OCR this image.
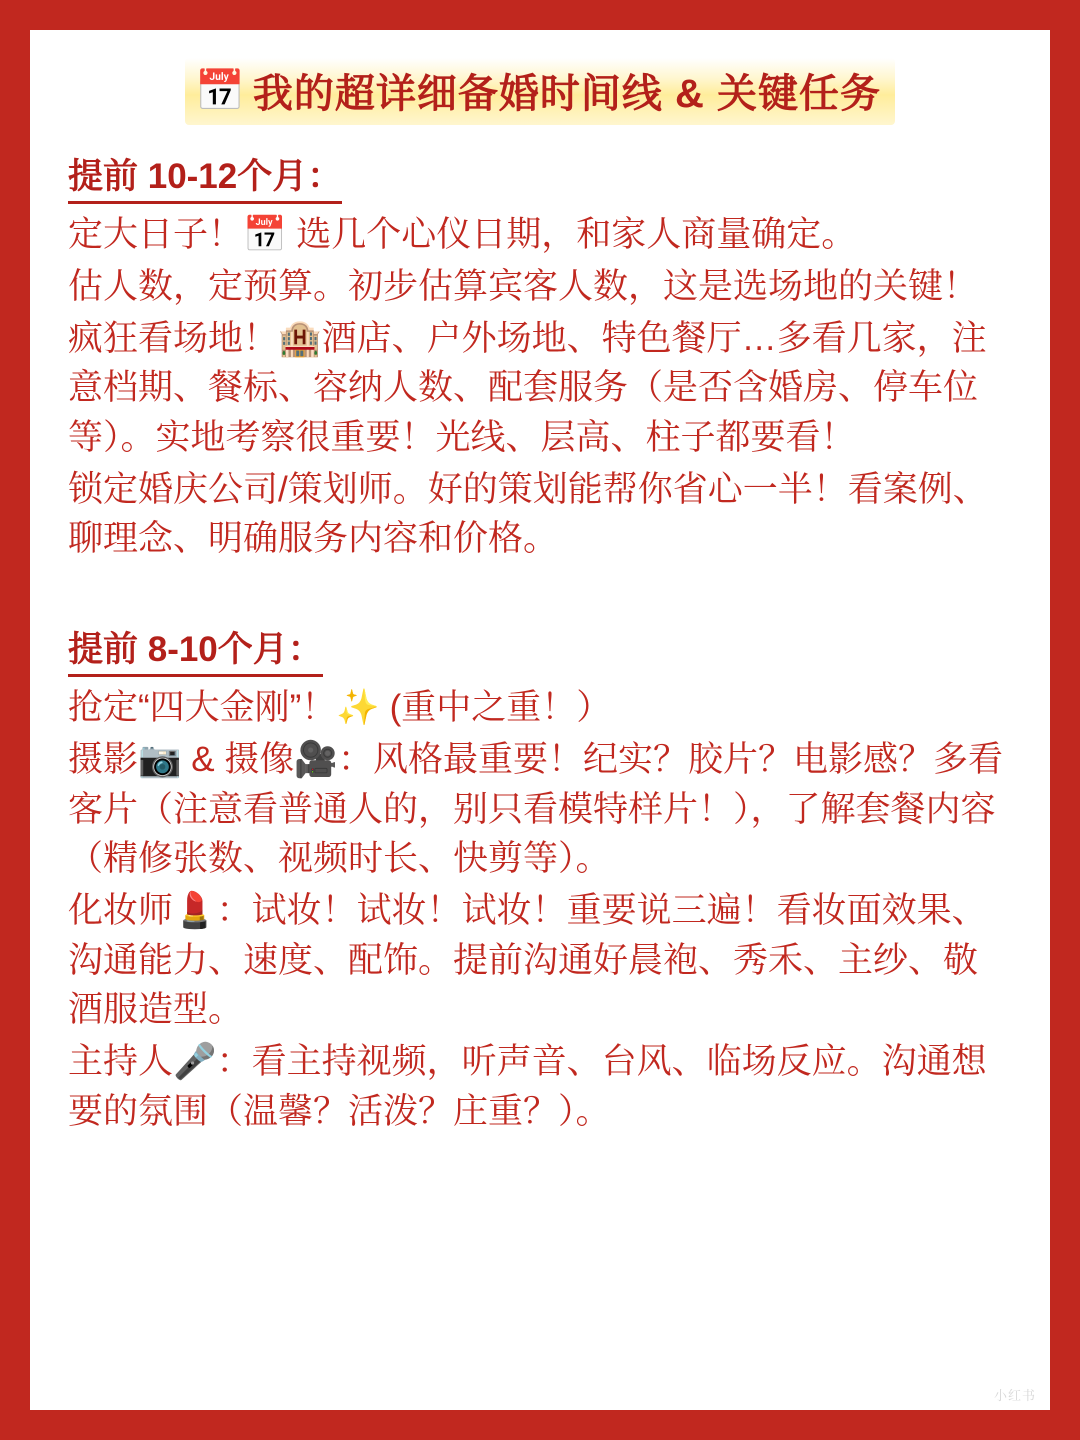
📅 我的超详细备婚时间线 & 关键任务
提前 10-12个月：

定大日子！📅 选几个心仪日期，和家人商量确定。

估人数，定预算。初步估算宾客人数，这是选场地的关键！

疯狂看场地！🏨酒店、户外场地、特色餐厅…多看几家，注意档期、餐标、容纳人数、配套服务（是否含婚房、停车位等）。实地考察很重要！光线、层高、柱子都要看！

锁定婚庆公司/策划师。好的策划能帮你省心一半！看案例、聊理念、明确服务内容和价格。

提前 8-10个月：

抢定“四大金刚”！✨ (重中之重！）

摄影📷 & 摄像🎥：风格最重要！纪实？胶片？电影感？多看客片（注意看普通人的，别只看模特样片！），了解套餐内容（精修张数、视频时长、快剪等）。

化妆师💄：试妆！试妆！试妆！重要说三遍！看妆面效果、沟通能力、速度、配饰。提前沟通好晨袍、秀禾、主纱、敬酒服造型。

主持人🎤：看主持视频，听声音、台风、临场反应。沟通想要的氛围（温馨？活泼？庄重？）。

小红书
